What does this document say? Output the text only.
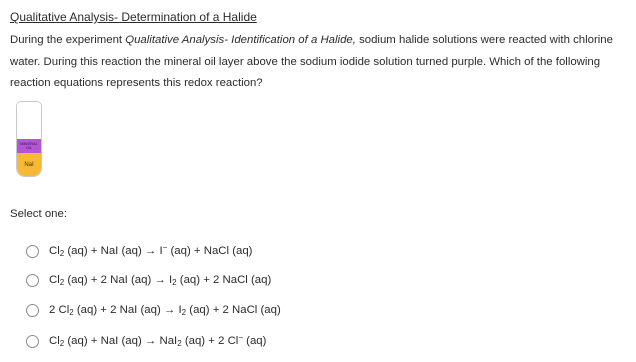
Qualitative Analysis- Determination of a Halide
During the experiment Qualitative Analysis- Identification of a Halide, sodium halide solutions were reacted with chlorine water. During this reaction the mineral oil layer above the sodium iodide solution turned purple. Which of the following reaction equations represents this redox reaction?
MINERAL OIL
NaI
Select one:
$Cl_2$ (aq) + NaI (aq) → I− (aq) + NaCl (aq)
$Cl_2$ (aq) + 2 NaI $(aq) \to I_2$ (aq) + 2 NaCl (aq)
2 $Cl_2$ (aq) + 2 NaI $(aq) \to I_2$ (aq) + 2 NaCl (aq)
$Cl_2$ (aq) + NaI (aq) → NaI$_2$ (aq) + 2 Cl− (aq)
